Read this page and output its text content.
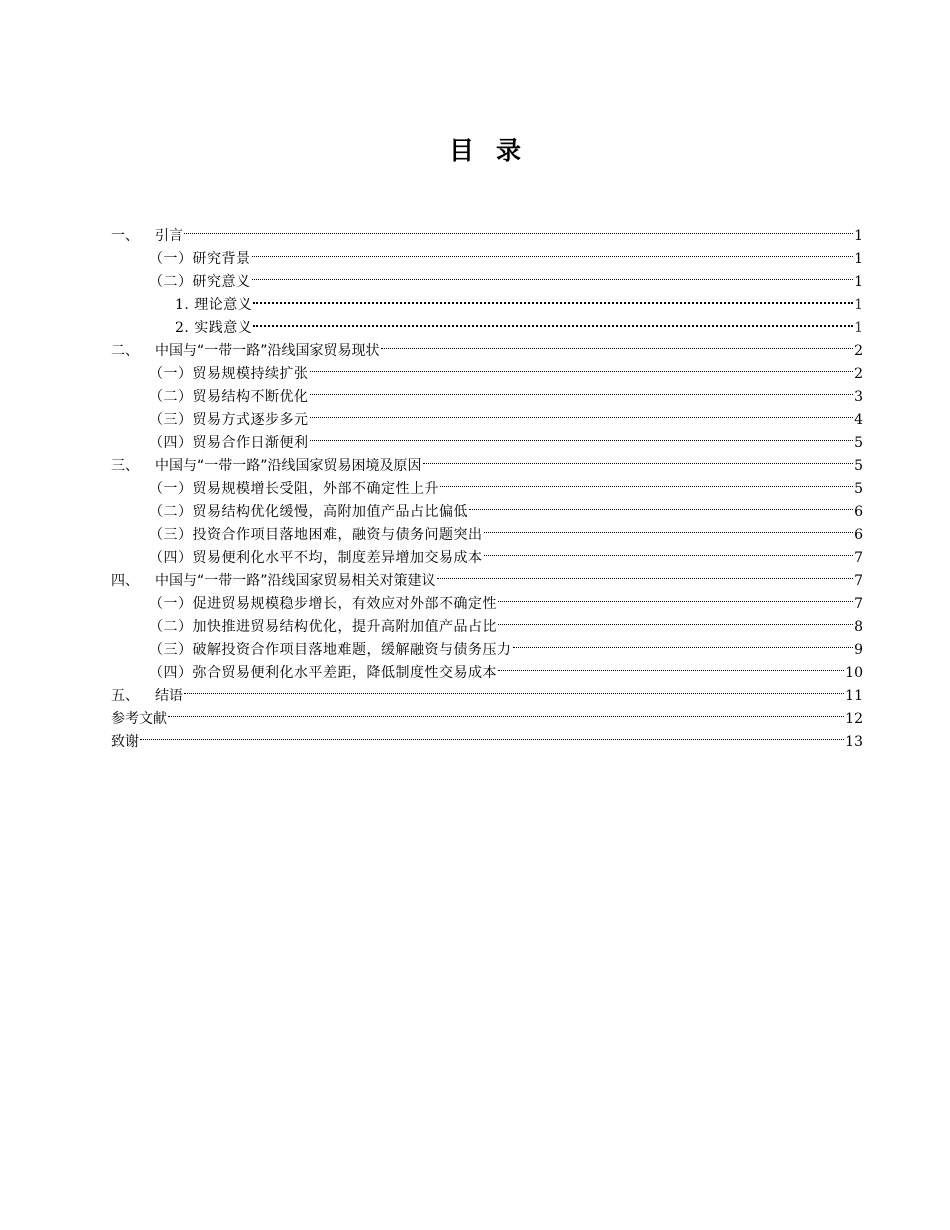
目 录
一、	引言	1
（一）研究背景	1
（二）研究意义	1
1. 理论意义	1
2. 实践意义	1
二、	中国与“一带一路”沿线国家贸易现状	2
（一）贸易规模持续扩张	2
（二）贸易结构不断优化	3
（三）贸易方式逐步多元	4
（四）贸易合作日渐便利	5
三、	中国与“一带一路”沿线国家贸易困境及原因	5
（一）贸易规模增长受阻，外部不确定性上升	5
（二）贸易结构优化缓慢，高附加值产品占比偏低	6
（三）投资合作项目落地困难，融资与债务问题突出	6
（四）贸易便利化水平不均，制度差异增加交易成本	7
四、	中国与“一带一路”沿线国家贸易相关对策建议	7
（一）促进贸易规模稳步增长，有效应对外部不确定性	7
（二）加快推进贸易结构优化，提升高附加值产品占比	8
（三）破解投资合作项目落地难题，缓解融资与债务压力	9
（四）弥合贸易便利化水平差距，降低制度性交易成本	10
五、	结语	11
参考文献	12
致谢	13
